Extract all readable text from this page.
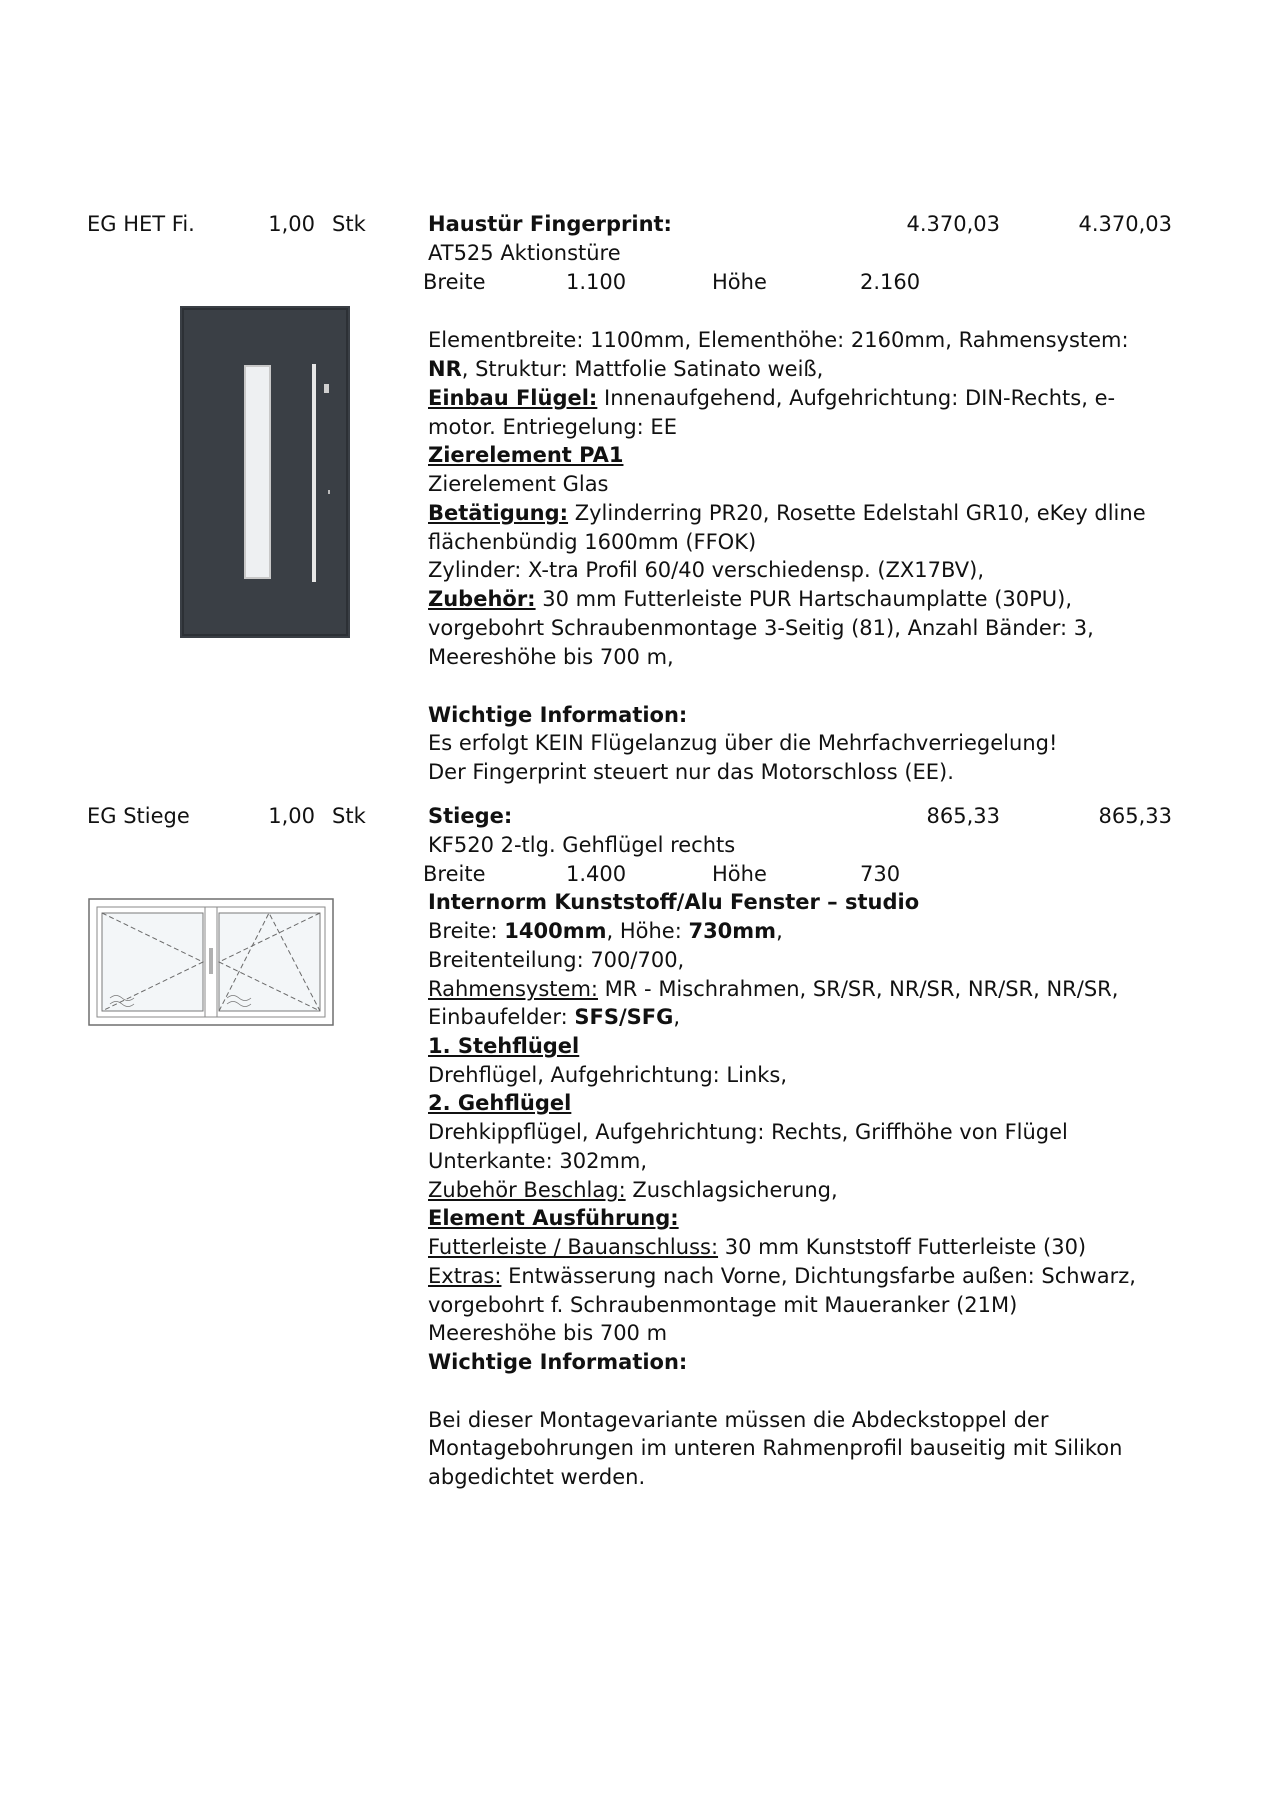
EG HET Fi.	1,00 Stk	Haustür Fingerprint:	4.370,03	4.370,03
AT525 Aktionstüre
Breite	1.100	Höhe	2.160
Elementbreite: 1100mm, Elementhöhe: 2160mm, Rahmensystem:
NR, Struktur: Mattfolie Satinato weiß,
Einbau Flügel: Innenaufgehend, Aufgehrichtung: DIN-Rechts, e-
motor. Entriegelung: EE
Zierelement PA1
Zierelement Glas
Betätigung: Zylinderring PR20, Rosette Edelstahl GR10, eKey dline
flächenbündig 1600mm (FFOK)
Zylinder: X-tra Profil 60/40 verschiedensp. (ZX17BV),
Zubehör: 30 mm Futterleiste PUR Hartschaumplatte (30PU),
vorgebohrt Schraubenmontage 3-Seitig (81), Anzahl Bänder: 3,
Meereshöhe bis 700 m,
Wichtige Information:
Es erfolgt KEIN Flügelanzug über die Mehrfachverriegelung!
Der Fingerprint steuert nur das Motorschloss (EE).
EG Stiege	1,00 Stk	Stiege:	865,33	865,33
KF520 2-tlg. Gehflügel rechts
Breite	1.400	Höhe	730
Internorm Kunststoff/Alu Fenster – studio
Breite: 1400mm, Höhe: 730mm,
Breitenteilung: 700/700,
Rahmensystem: MR - Mischrahmen, SR/SR, NR/SR, NR/SR, NR/SR,
Einbaufelder: SFS/SFG,
1. Stehflügel
Drehflügel, Aufgehrichtung: Links,
2. Gehflügel
Drehkippflügel, Aufgehrichtung: Rechts, Griffhöhe von Flügel
Unterkante: 302mm,
Zubehör Beschlag: Zuschlagsicherung,
Element Ausführung:
Futterleiste / Bauanschluss: 30 mm Kunststoff Futterleiste (30)
Extras: Entwässerung nach Vorne, Dichtungsfarbe außen: Schwarz,
vorgebohrt f. Schraubenmontage mit Maueranker (21M)
Meereshöhe bis 700 m
Wichtige Information:
Bei dieser Montagevariante müssen die Abdeckstoppel der
Montagebohrungen im unteren Rahmenprofil bauseitig mit Silikon
abgedichtet werden.
